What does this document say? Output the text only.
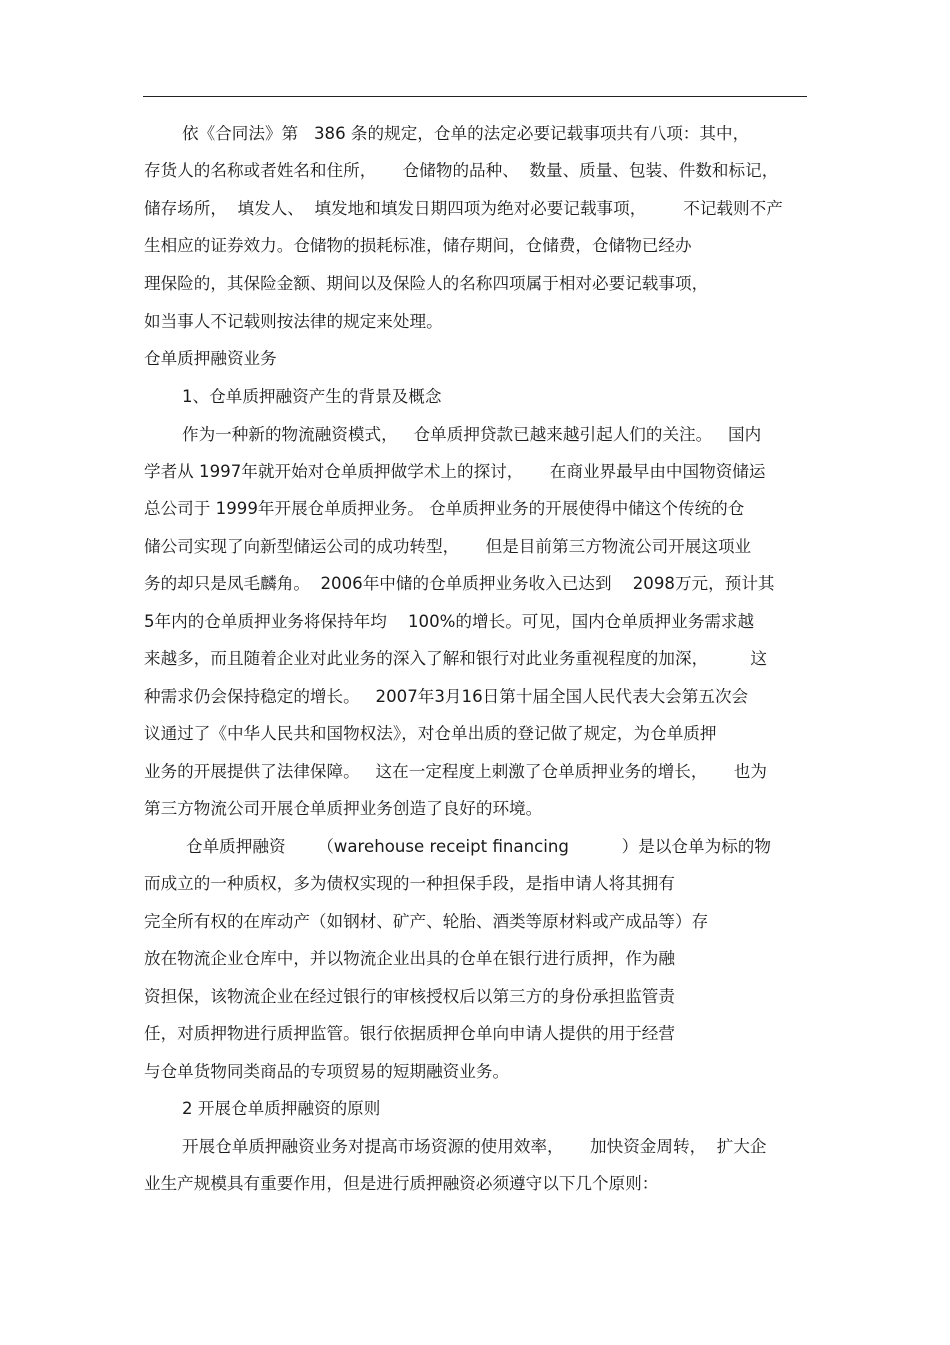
依《合同法》第   386 条的规定，仓单的法定必要记载事项共有八项：其中，
存货人的名称或者姓名和住所，     仓储物的品种、  数量、质量、包装、件数和标记，
储存场所，  填发人、  填发地和填发日期四项为绝对必要记载事项，       不记载则不产
生相应的证券效力。仓储物的损耗标准，储存期间，仓储费，仓储物已经办
理保险的，其保险金额、期间以及保险人的名称四项属于相对必要记载事项，
如当事人不记载则按法律的规定来处理。
仓单质押融资业务
1、仓单质押融资产生的背景及概念
作为一种新的物流融资模式，   仓单质押贷款已越来越引起人们的关注。   国内
学者从 1997年就开始对仓单质押做学术上的探讨，     在商业界最早由中国物资储运
总公司于 1999年开展仓单质押业务。 仓单质押业务的开展使得中储这个传统的仓
储公司实现了向新型储运公司的成功转型，     但是目前第三方物流公司开展这项业
务的却只是凤毛麟角。  2006年中储的仓单质押业务收入已达到    2098万元，预计其
5年内的仓单质押业务将保持年均    100%的增长。可见，国内仓单质押业务需求越
来越多，而且随着企业对此业务的深入了解和银行对此业务重视程度的加深，        这
种需求仍会保持稳定的增长。   2007年3月16日第十届全国人民代表大会第五次会
议通过了《中华人民共和国物权法》，对仓单出质的登记做了规定，为仓单质押
业务的开展提供了法律保障。   这在一定程度上刺激了仓单质押业务的增长，     也为
第三方物流公司开展仓单质押业务创造了良好的环境。
仓单质押融资      （warehouse receipt financing          ）是以仓单为标的物
而成立的一种质权，多为债权实现的一种担保手段，是指申请人将其拥有
完全所有权的在库动产（如钢材、矿产、轮胎、酒类等原材料或产成品等）存
放在物流企业仓库中，并以物流企业出具的仓单在银行进行质押，作为融
资担保，该物流企业在经过银行的审核授权后以第三方的身份承担监管责
任，对质押物进行质押监管。银行依据质押仓单向申请人提供的用于经营
与仓单货物同类商品的专项贸易的短期融资业务。
2 开展仓单质押融资的原则
开展仓单质押融资业务对提高市场资源的使用效率，     加快资金周转，  扩大企
业生产规模具有重要作用，但是进行质押融资必须遵守以下几个原则：
